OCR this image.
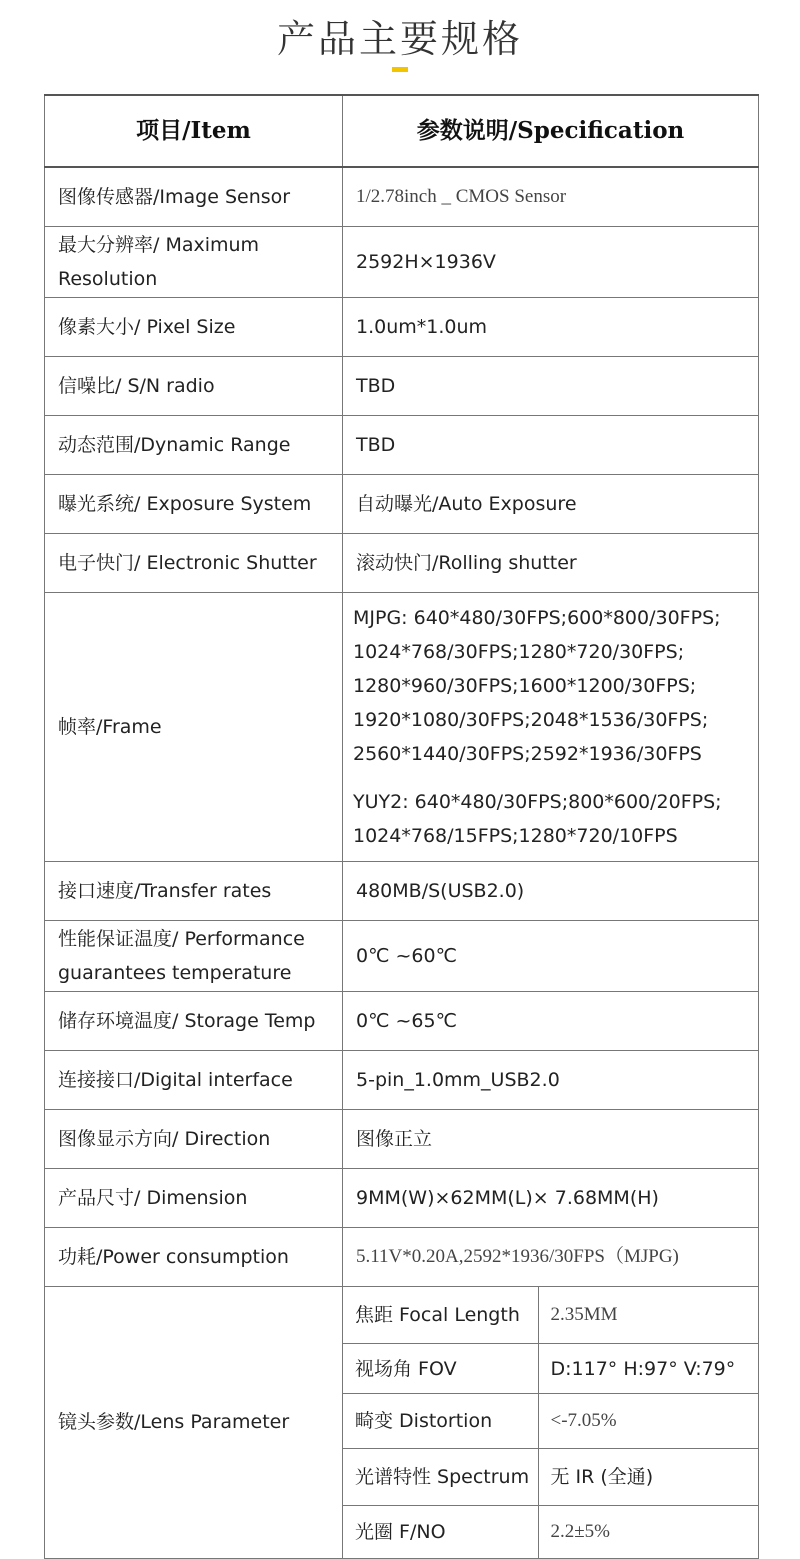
产品主要规格
项目/Item	参数说明/Specification
图像传感器/Image Sensor	1/2.78inch _ CMOS Sensor
最大分辨率/ Maximum Resolution	2592H×1936V
像素大小/ Pixel Size	1.0um*1.0um
信噪比/ S/N radio	TBD
动态范围/Dynamic Range	TBD
曝光系统/ Exposure System	自动曝光/Auto Exposure
电子快门/ Electronic Shutter	滚动快门/Rolling shutter
帧率/Frame	
MJPG: 640*480/30FPS;600*800/30FPS;
1024*768/30FPS;1280*720/30FPS;
1280*960/30FPS;1600*1200/30FPS;
1920*1080/30FPS;2048*1536/30FPS;
2560*1440/30FPS;2592*1936/30FPS
YUY2: 640*480/30FPS;800*600/20FPS;
1024*768/15FPS;1280*720/10FPS

接口速度/Transfer rates	480MB/S(USB2.0)
性能保证温度/ Performance guarantees temperature	0℃ ~60℃
储存环境温度/ Storage Temp	0℃ ~65℃
连接接口/Digital interface	5-pin_1.0mm_USB2.0
图像显示方向/ Direction	图像正立
产品尺寸/ Dimension	9MM(W)×62MM(L)× 7.68MM(H)
功耗/Power consumption	5.11V*0.20A,2592*1936/30FPS（MJPG)
镜头参数/Lens Parameter	
焦距 Focal Length	2.35MM
视场角 FOV	D:117° H:97° V:79°
畸变 Distortion	<-7.05%
光谱特性 Spectrum	无 IR (全通)
光圈 F/NO	2.2±5%
